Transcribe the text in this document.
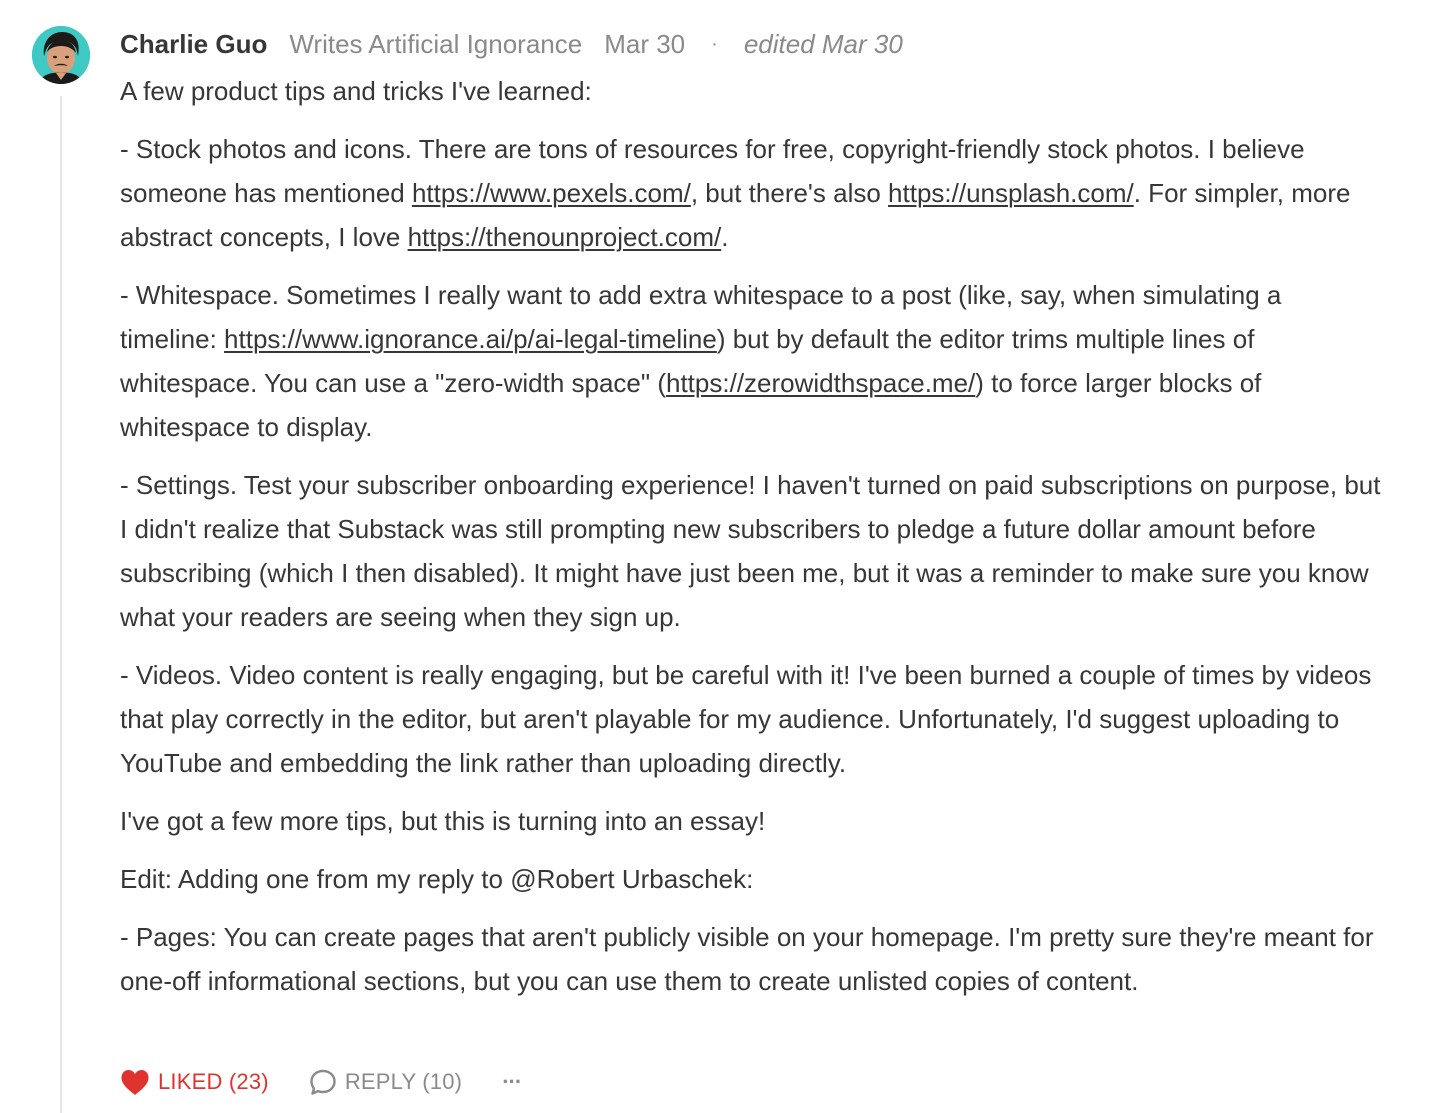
Charlie Guo Writes Artificial Ignorance Mar 30 · edited Mar 30

A few product tips and tricks I've learned:

- Stock photos and icons. There are tons of resources for free, copyright-friendly stock photos. I believe someone has mentioned https://www.pexels.com/, but there's also https://unsplash.com/. For simpler, more abstract concepts, I love https://thenounproject.com/.

- Whitespace. Sometimes I really want to add extra whitespace to a post (like, say, when simulating a timeline: https://www.ignorance.ai/p/ai-legal-timeline) but by default the editor trims multiple lines of whitespace. You can use a "zero-width space" (https://zerowidthspace.me/) to force larger blocks of whitespace to display.

- Settings. Test your subscriber onboarding experience! I haven't turned on paid subscriptions on purpose, but I didn't realize that Substack was still prompting new subscribers to pledge a future dollar amount before subscribing (which I then disabled). It might have just been me, but it was a reminder to make sure you know what your readers are seeing when they sign up.

- Videos. Video content is really engaging, but be careful with it! I've been burned a couple of times by videos that play correctly in the editor, but aren't playable for my audience. Unfortunately, I'd suggest uploading to YouTube and embedding the link rather than uploading directly.

I've got a few more tips, but this is turning into an essay!

Edit: Adding one from my reply to @Robert Urbaschek:

- Pages: You can create pages that aren't publicly visible on your homepage. I'm pretty sure they're meant for one-off informational sections, but you can use them to create unlisted copies of content.

LIKED (23)	REPLY (10) ···
